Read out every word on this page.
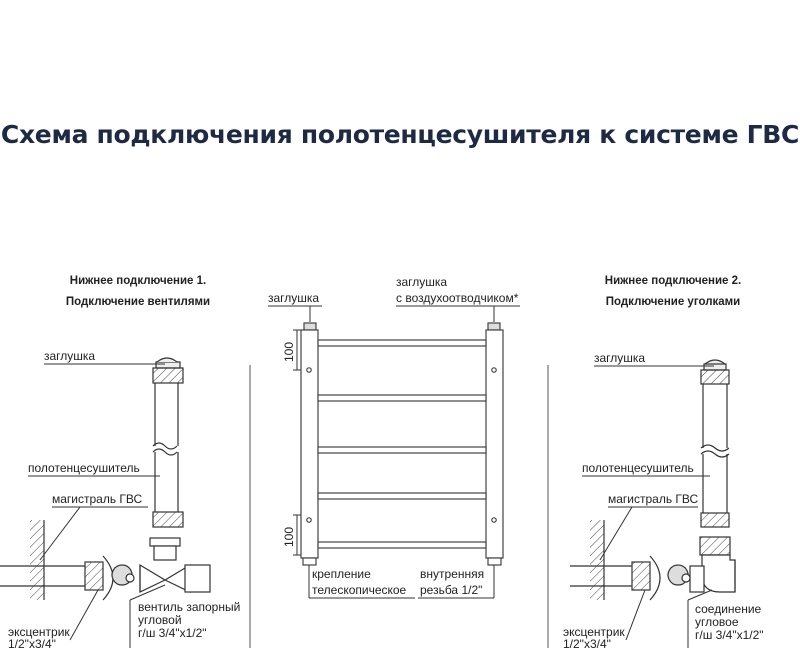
Схема подключения полотенцесушителя к системе ГВС
Нижнее подключение 1.
Подключение вентилями
заглушка
полотенцесушитель
магистраль ГВС
вентиль запорный
угловой
г/ш 3/4"х1/2"
эксцентрик
1/2"х3/4"
заглушка
заглушка
с воздухоотводчиком*
100
100
крепление
телескопическое
внутренняя
резьба 1/2"
Нижнее подключение 2.
Подключение уголками
заглушка
полотенцесушитель
магистраль ГВС
соединение
угловое
г/ш 3/4"х1/2"
эксцентрик
1/2"х3/4"
